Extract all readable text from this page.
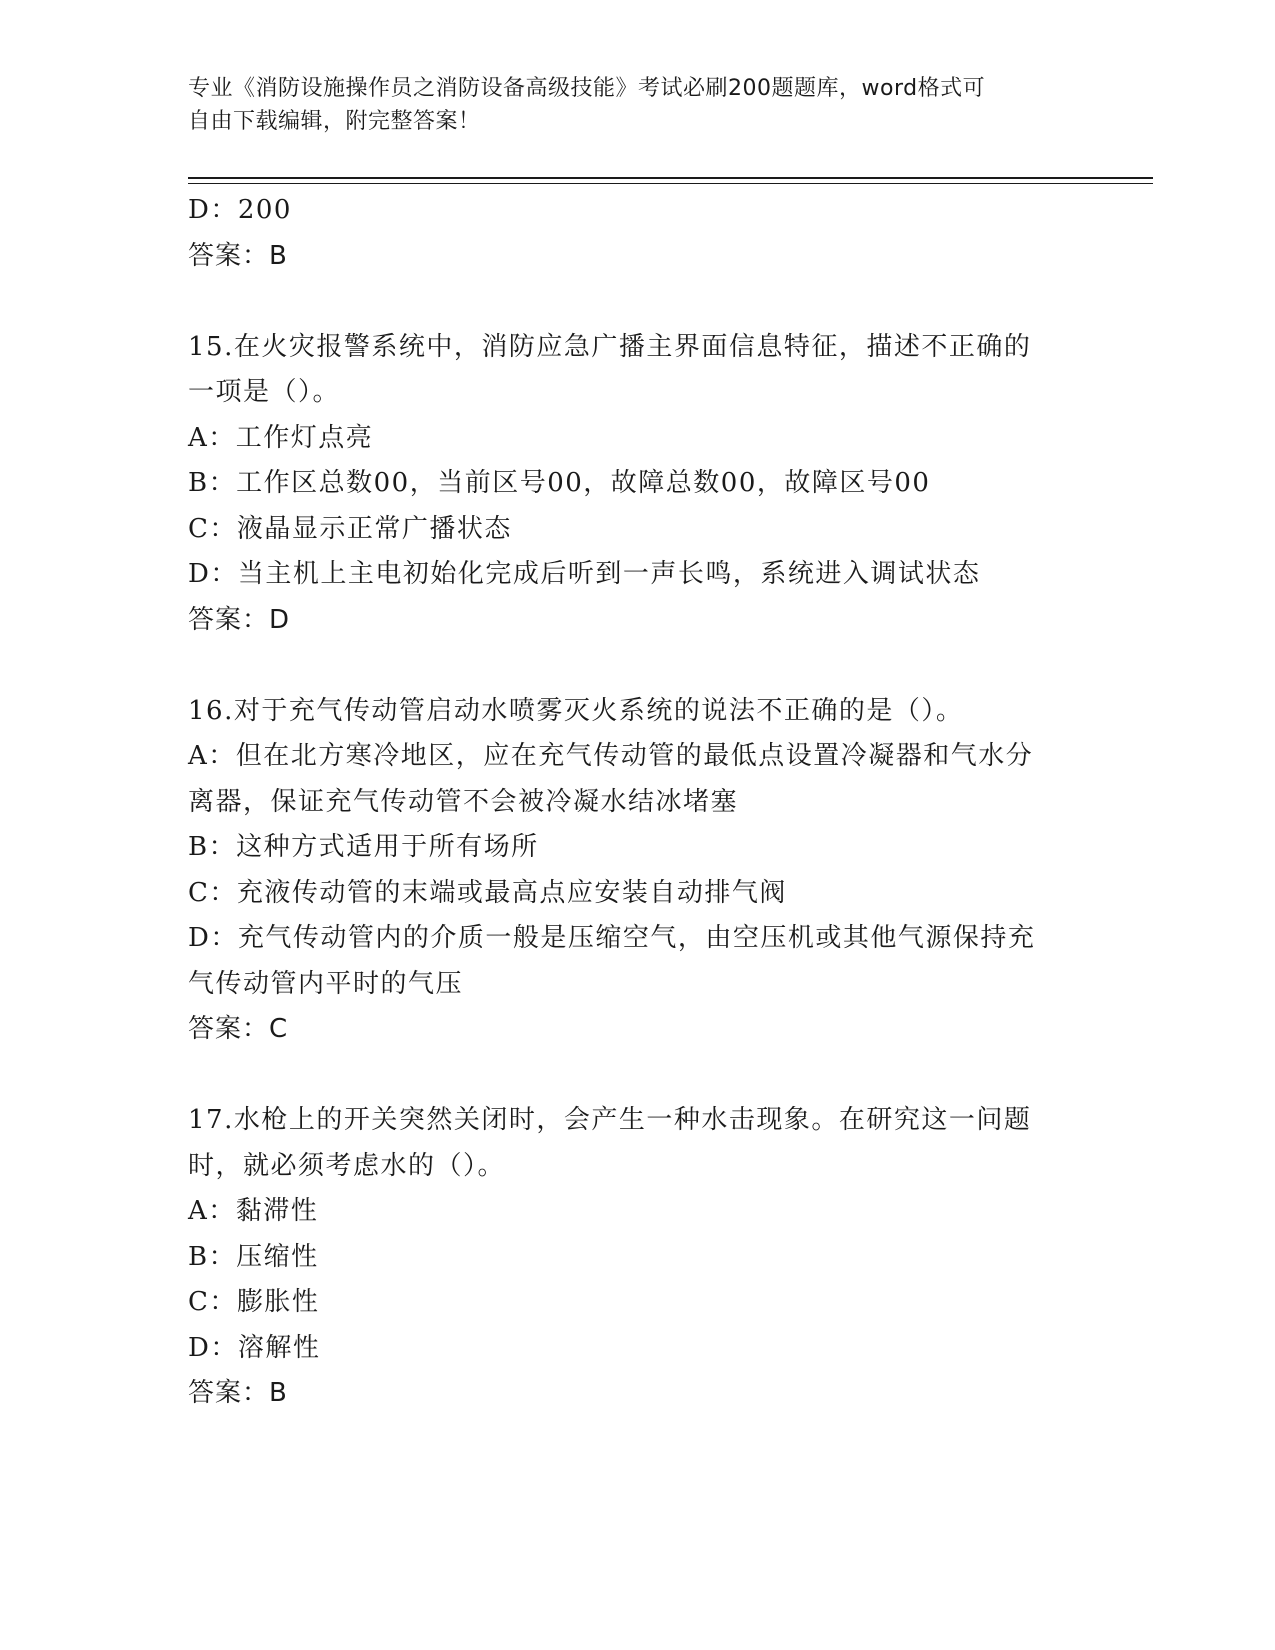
专业《消防设施操作员之消防设备高级技能》考试必刷200题题库，word格式可
自由下载编辑，附完整答案！

D：200

答案：B

15.在火灾报警系统中，消防应急广播主界面信息特征，描述不正确的

一项是（）。

A：工作灯点亮

B：工作区总数00，当前区号00，故障总数00，故障区号00

C：液晶显示正常广播状态

D：当主机上主电初始化完成后听到一声长鸣，系统进入调试状态

答案：D

16.对于充气传动管启动水喷雾灭火系统的说法不正确的是（）。

A：但在北方寒冷地区，应在充气传动管的最低点设置冷凝器和气水分

离器，保证充气传动管不会被冷凝水结冰堵塞

B：这种方式适用于所有场所

C：充液传动管的末端或最高点应安装自动排气阀

D：充气传动管内的介质一般是压缩空气，由空压机或其他气源保持充

气传动管内平时的气压

答案：C

17.水枪上的开关突然关闭时，会产生一种水击现象。在研究这一问题

时，就必须考虑水的（）。

A：黏滞性

B：压缩性

C：膨胀性

D：溶解性

答案：B
